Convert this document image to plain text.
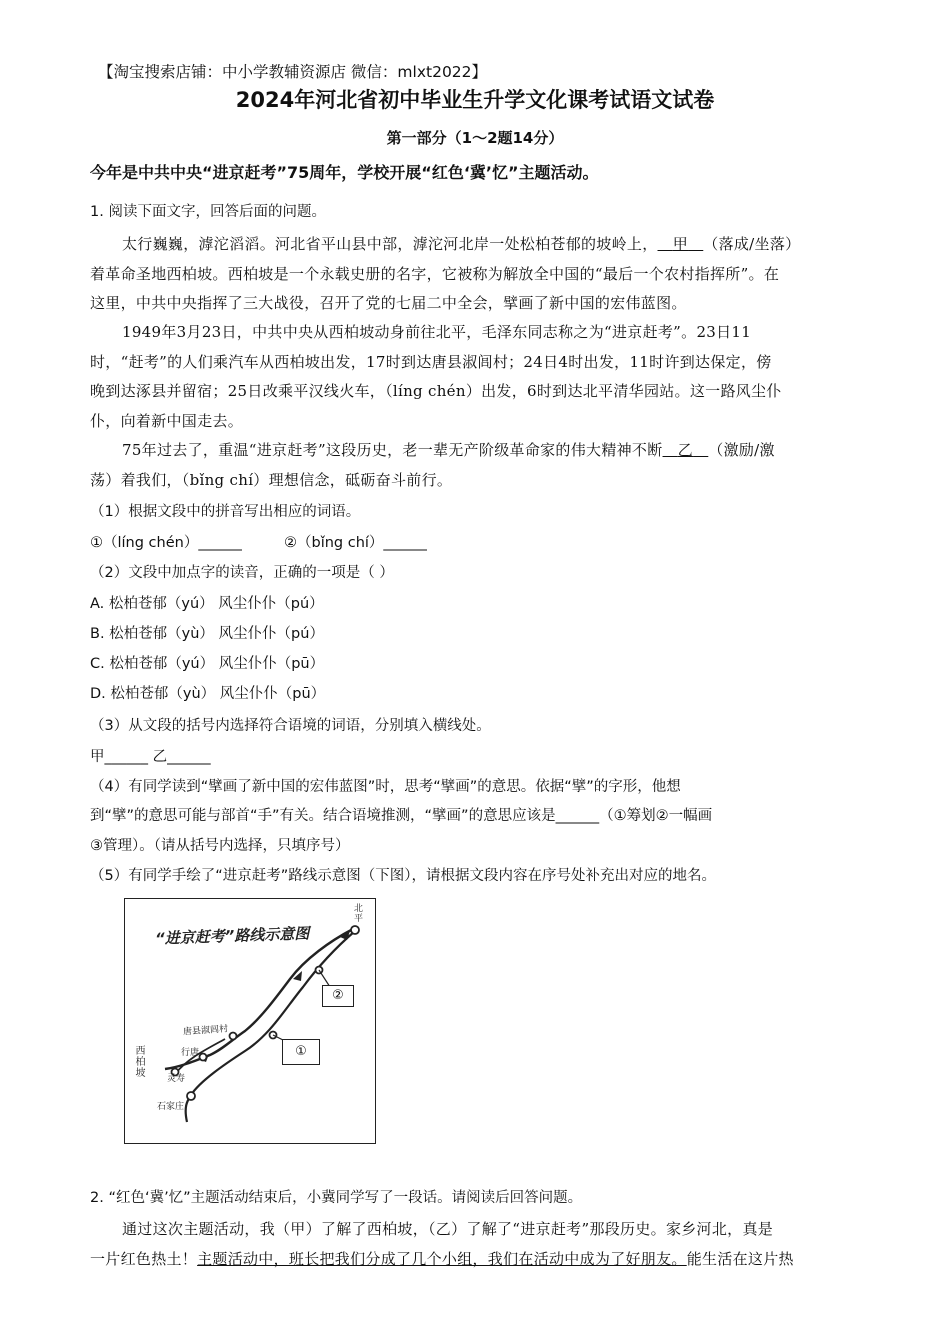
【淘宝搜索店铺：中小学教辅资源店 微信：mlxt2022】
2024年河北省初中毕业生升学文化课考试语文试卷
第一部分（1～2题14分）
今年是中共中央“进京赶考”75周年，学校开展“红色‘冀’忆”主题活动。
1. 阅读下面文字，回答后面的问题。
太行巍巍，滹沱滔滔。河北省平山县中部，滹沱河北岸一处松柏苍郁的坡岭上， 甲 （落成/坐落）
着革命圣地西柏坡。西柏坡是一个永载史册的名字，它被称为解放全中国的“最后一个农村指挥所”。在
这里，中共中央指挥了三大战役，召开了党的七届二中全会，擘画了新中国的宏伟蓝图。
1949年3月23日，中共中央从西柏坡动身前往北平，毛泽东同志称之为“进京赶考”。23日11
时，“赶考”的人们乘汽车从西柏坡出发，17时到达唐县淑闾村；24日4时出发，11时许到达保定，傍
晚到达涿县并留宿；25日改乘平汉线火车，（líng chén）出发，6时到达北平清华园站。这一路风尘仆
仆，向着新中国走去。
75年过去了，重温“进京赶考”这段历史，老一辈无产阶级革命家的伟大精神不断 乙 （激励/激
荡）着我们，（bǐng chí）理想信念，砥砺奋斗前行。
（1）根据文段中的拼音写出相应的词语。
①（líng chén）______	②（bǐng chí）______
（2）文段中加点字的读音，正确的一项是（ ）
A. 松柏苍郁（yú） 风尘仆仆（pú）
B. 松柏苍郁（yù） 风尘仆仆（pú）
C. 松柏苍郁（yú） 风尘仆仆（pū）
D. 松柏苍郁（yù） 风尘仆仆（pū）
（3）从文段的括号内选择符合语境的词语，分别填入横线处。
甲______ 乙______
（4）有同学读到“擘画了新中国的宏伟蓝图”时，思考“擘画”的意思。依据“擘”的字形，他想
到“擘”的意思可能与部首“手”有关。结合语境推测，“擘画”的意思应该是______（①筹划②一幅画
③管理）。（请从括号内选择，只填序号）
（5）有同学手绘了“进京赶考”路线示意图（下图），请根据文段内容在序号处补充出对应的地名。
“进京赶考”路线示意图
北平
西柏坡
唐县淑闾村
行唐
灵寿
石家庄
②
①
2. “红色‘冀’忆”主题活动结束后，小冀同学写了一段话。请阅读后回答问题。
通过这次主题活动，我（甲）了解了西柏坡，（乙）了解了“进京赶考”那段历史。家乡河北，真是
一片红色热土！主题活动中，班长把我们分成了几个小组，我们在活动中成为了好朋友。能生活在这片热
